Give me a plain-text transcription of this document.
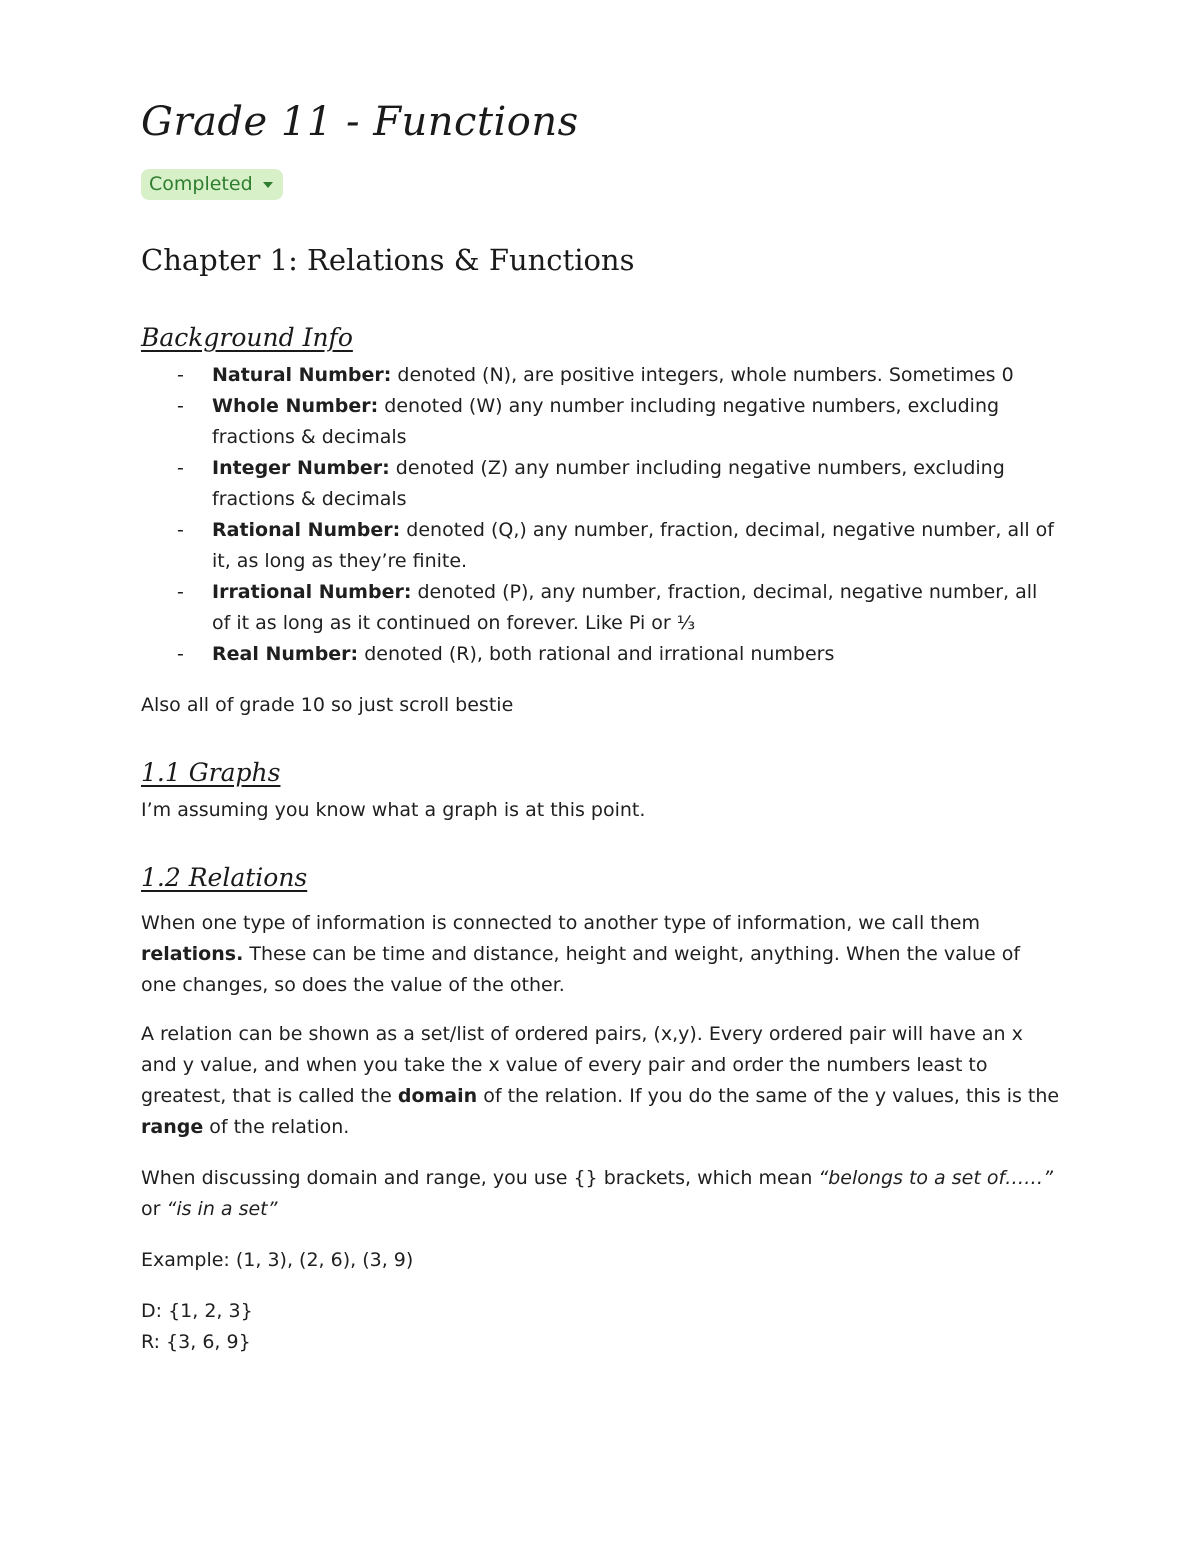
Grade 11 - Functions
Completed
Chapter 1: Relations & Functions
Background Info
- Natural Number: denoted (N), are positive integers, whole numbers. Sometimes 0
- Whole Number: denoted (W) any number including negative numbers, excluding fractions & decimals
- Integer Number: denoted (Z) any number including negative numbers, excluding fractions & decimals
- Rational Number: denoted (Q,) any number, fraction, decimal, negative number, all of it, as long as they’re finite.
- Irrational Number: denoted (P), any number, fraction, decimal, negative number, all of it as long as it continued on forever. Like Pi or ⅓
- Real Number: denoted (R), both rational and irrational numbers

Also all of grade 10 so just scroll bestie

1.1 Graphs

I’m assuming you know what a graph is at this point.

1.2 Relations

When one type of information is connected to another type of information, we call them relations. These can be time and distance, height and weight, anything. When the value of one changes, so does the value of the other.

A relation can be shown as a set/list of ordered pairs, (x,y). Every ordered pair will have an x and y value, and when you take the x value of every pair and order the numbers least to greatest, that is called the domain of the relation. If you do the same of the y values, this is the range of the relation.

When discussing domain and range, you use {} brackets, which mean “belongs to a set of……” or “is in a set”

Example: (1, 3), (2, 6), (3, 9)

D: {1, 2, 3}

R: {3, 6, 9}
